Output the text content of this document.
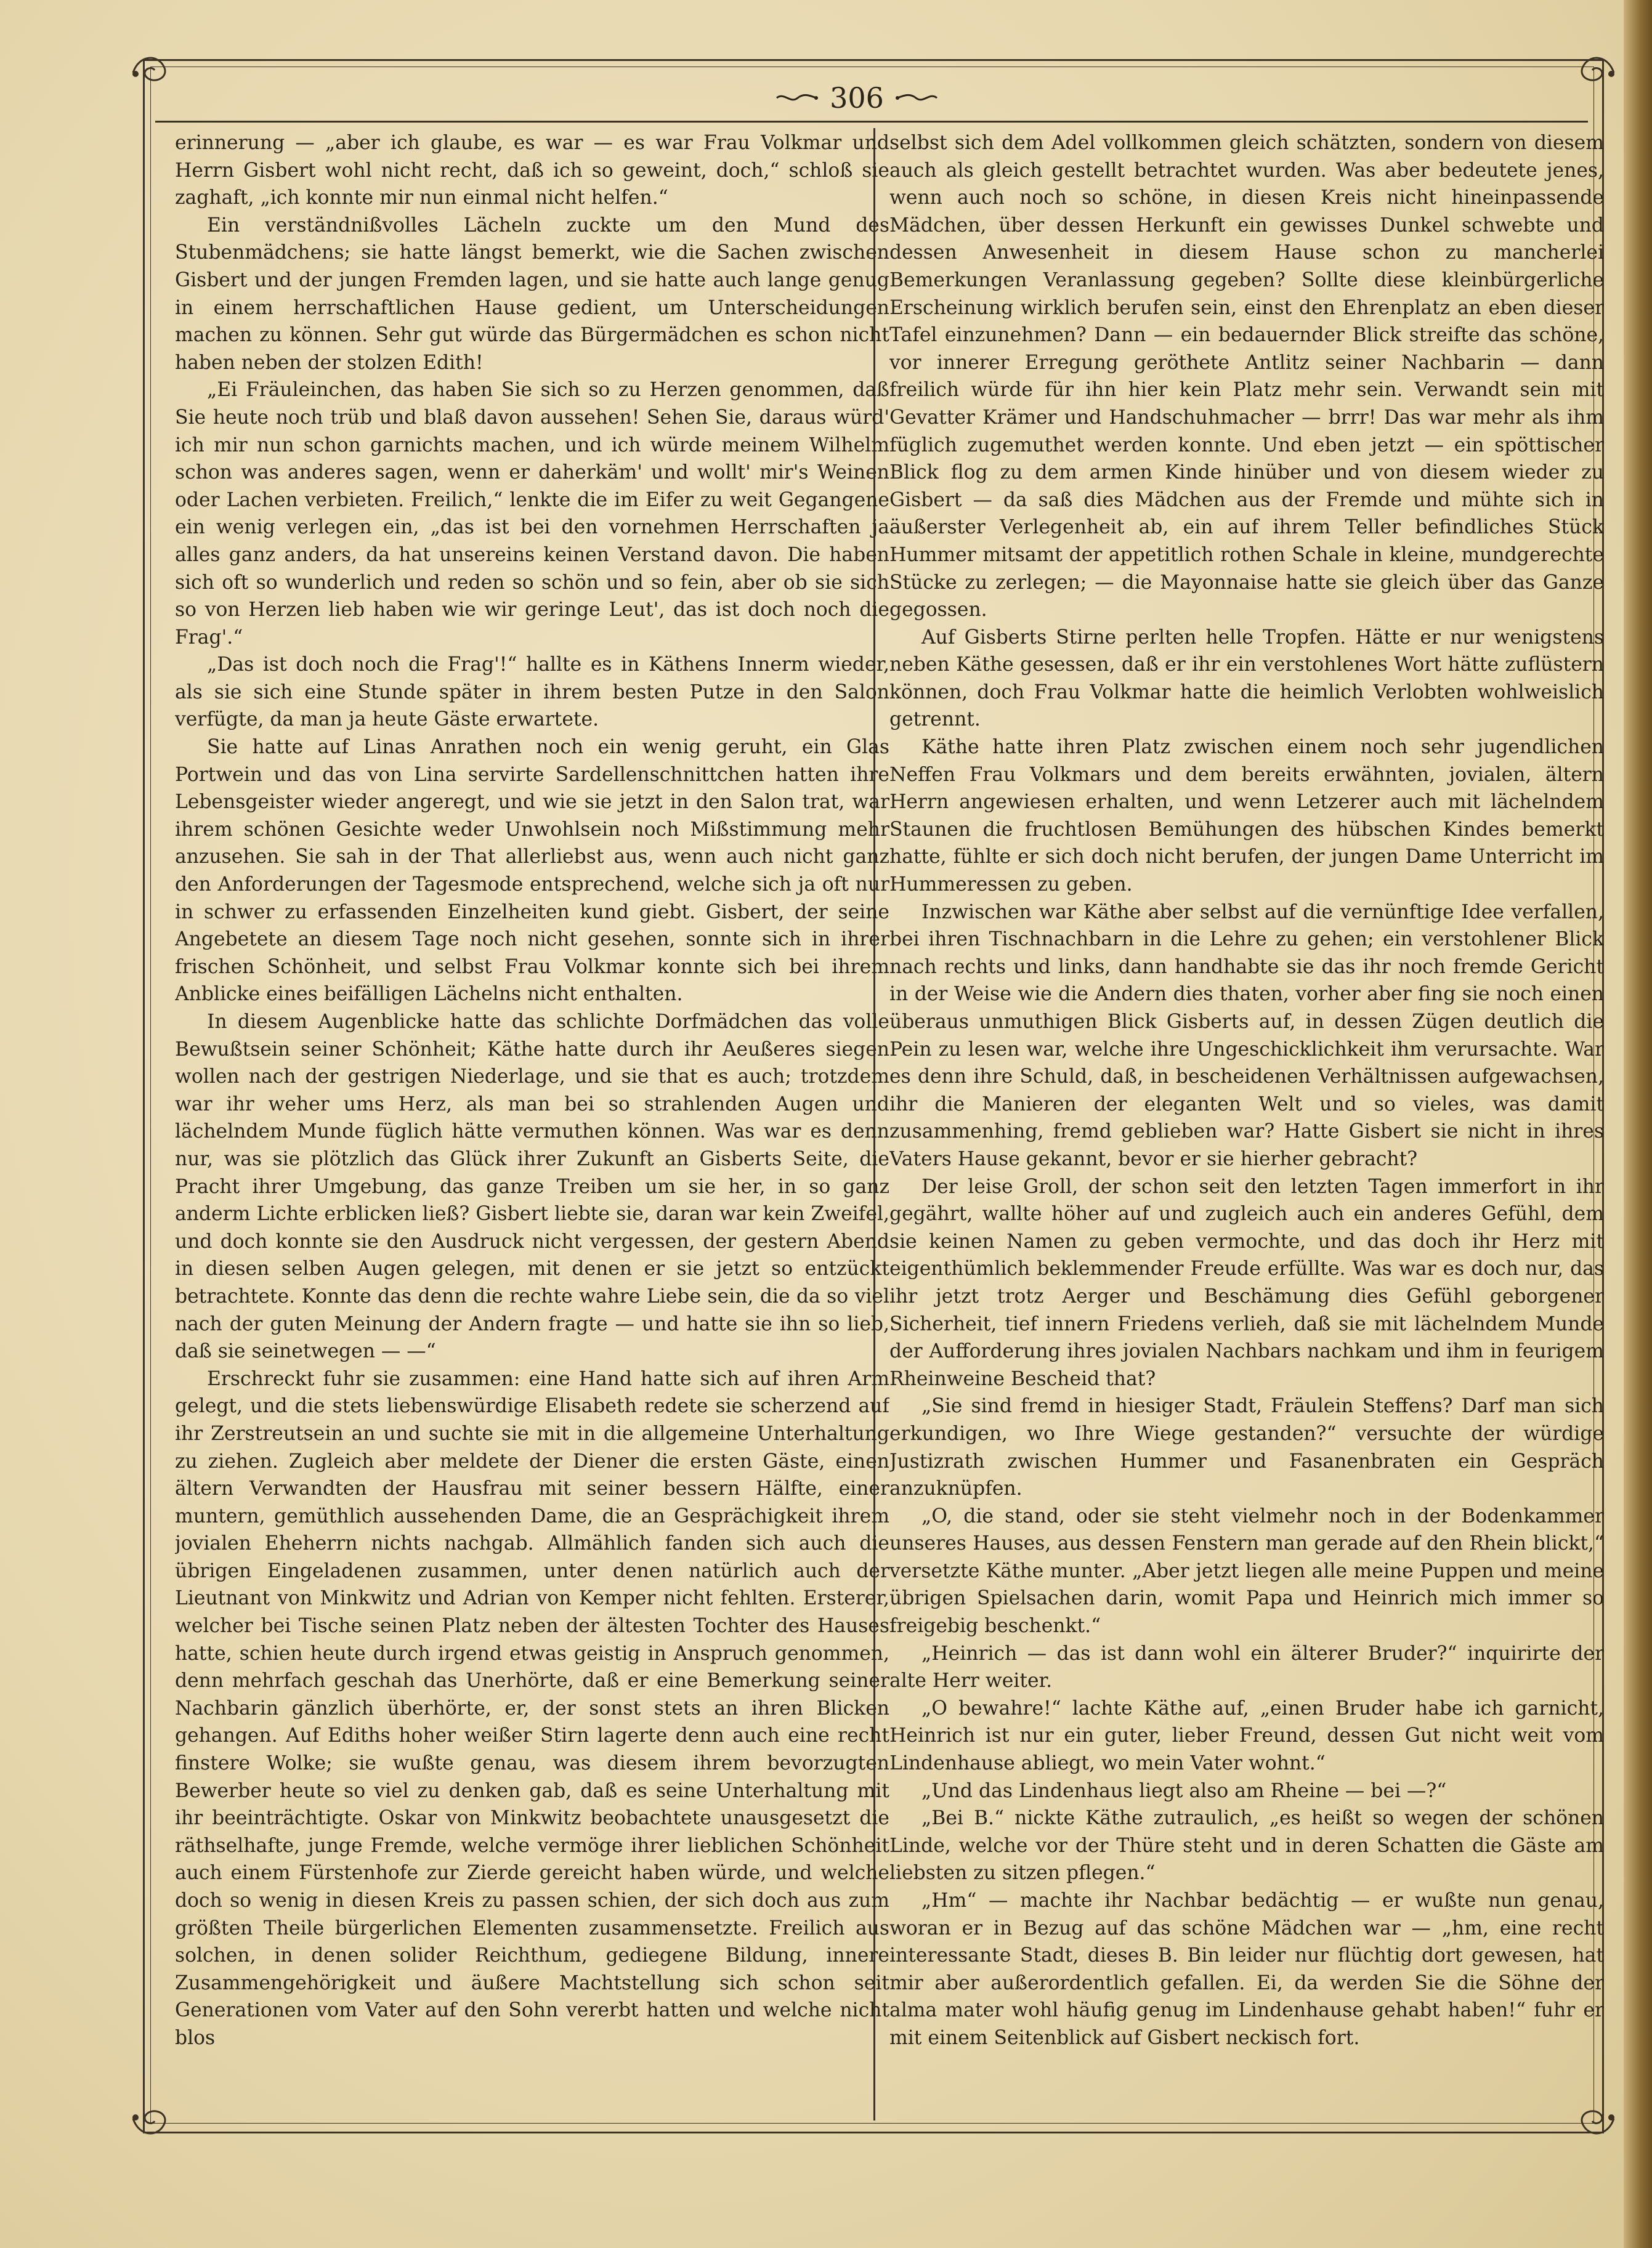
306

erinnerung — „aber ich glaube, es war — es war Frau Volkmar und Herrn Gisbert wohl nicht recht, daß ich so geweint, doch,“ schloß sie zaghaft, „ich konnte mir nun einmal nicht helfen.“

Ein verständnißvolles Lächeln zuckte um den Mund des Stubenmädchens; sie hatte längst bemerkt, wie die Sachen zwischen Gisbert und der jungen Fremden lagen, und sie hatte auch lange genug in einem herrschaftlichen Hause gedient, um Unterscheidungen machen zu können. Sehr gut würde das Bürgermädchen es schon nicht haben neben der stolzen Edith!

„Ei Fräuleinchen, das haben Sie sich so zu Herzen genommen, daß Sie heute noch trüb und blaß davon aussehen! Sehen Sie, daraus würd' ich mir nun schon garnichts machen, und ich würde meinem Wilhelm schon was anderes sagen, wenn er daherkäm' und wollt' mir's Weinen oder Lachen verbieten. Freilich,“ lenkte die im Eifer zu weit Gegangene ein wenig verlegen ein, „das ist bei den vornehmen Herrschaften ja alles ganz anders, da hat unsereins keinen Verstand davon. Die haben sich oft so wunderlich und reden so schön und so fein, aber ob sie sich so von Herzen lieb haben wie wir geringe Leut', das ist doch noch die Frag'.“

„Das ist doch noch die Frag'!“ hallte es in Käthens Innerm wieder, als sie sich eine Stunde später in ihrem besten Putze in den Salon verfügte, da man ja heute Gäste erwartete.

Sie hatte auf Linas Anrathen noch ein wenig geruht, ein Glas Portwein und das von Lina servirte Sardellenschnittchen hatten ihre Lebensgeister wieder angeregt, und wie sie jetzt in den Salon trat, war ihrem schönen Gesichte weder Unwohlsein noch Mißstimmung mehr anzusehen. Sie sah in der That allerliebst aus, wenn auch nicht ganz den Anforderungen der Tagesmode entsprechend, welche sich ja oft nur in schwer zu erfassenden Einzelheiten kund giebt. Gisbert, der seine Angebetete an diesem Tage noch nicht gesehen, sonnte sich in ihrer frischen Schönheit, und selbst Frau Volkmar konnte sich bei ihrem Anblicke eines beifälligen Lächelns nicht enthalten.

In diesem Augenblicke hatte das schlichte Dorfmädchen das volle Bewußtsein seiner Schönheit; Käthe hatte durch ihr Aeußeres siegen wollen nach der gestrigen Niederlage, und sie that es auch; trotzdem war ihr weher ums Herz, als man bei so strahlenden Augen und lächelndem Munde füglich hätte vermuthen können. Was war es denn nur, was sie plötzlich das Glück ihrer Zukunft an Gisberts Seite, die Pracht ihrer Umgebung, das ganze Treiben um sie her, in so ganz anderm Lichte erblicken ließ? Gisbert liebte sie, daran war kein Zweifel, und doch konnte sie den Ausdruck nicht vergessen, der gestern Abend in diesen selben Augen gelegen, mit denen er sie jetzt so entzückt betrachtete. Konnte das denn die rechte wahre Liebe sein, die da so viel nach der guten Meinung der Andern fragte — und hatte sie ihn so lieb, daß sie seinetwegen — —“

Erschreckt fuhr sie zusammen: eine Hand hatte sich auf ihren Arm gelegt, und die stets liebenswürdige Elisabeth redete sie scherzend auf ihr Zerstreutsein an und suchte sie mit in die allgemeine Unterhaltung zu ziehen. Zugleich aber meldete der Diener die ersten Gäste, einen ältern Verwandten der Hausfrau mit seiner bessern Hälfte, einer muntern, gemüthlich aussehenden Dame, die an Gesprächigkeit ihrem jovialen Eheherrn nichts nachgab. Allmählich fanden sich auch die übrigen Eingeladenen zusammen, unter denen natürlich auch der Lieutnant von Minkwitz und Adrian von Kemper nicht fehlten. Ersterer, welcher bei Tische seinen Platz neben der ältesten Tochter des Hauses hatte, schien heute durch irgend etwas geistig in Anspruch genommen, denn mehrfach geschah das Unerhörte, daß er eine Bemerkung seiner Nachbarin gänzlich überhörte, er, der sonst stets an ihren Blicken gehangen. Auf Ediths hoher weißer Stirn lagerte denn auch eine recht finstere Wolke; sie wußte genau, was diesem ihrem bevorzugten Bewerber heute so viel zu denken gab, daß es seine Unterhaltung mit ihr beeinträchtigte. Oskar von Minkwitz beobachtete unausgesetzt die räthselhafte, junge Fremde, welche vermöge ihrer lieblichen Schönheit auch einem Fürstenhofe zur Zierde gereicht haben würde, und welche doch so wenig in diesen Kreis zu passen schien, der sich doch aus zum größten Theile bürgerlichen Elementen zusammensetzte. Freilich aus solchen, in denen solider Reichthum, gediegene Bildung, innere Zusammengehörigkeit und äußere Machtstellung sich schon seit Generationen vom Vater auf den Sohn vererbt hatten und welche nicht blos

selbst sich dem Adel vollkommen gleich schätzten, sondern von diesem auch als gleich gestellt betrachtet wurden. Was aber bedeutete jenes, wenn auch noch so schöne, in diesen Kreis nicht hineinpassende Mädchen, über dessen Herkunft ein gewisses Dunkel schwebte und dessen Anwesenheit in diesem Hause schon zu mancherlei Bemerkungen Veranlassung gegeben? Sollte diese kleinbürgerliche Erscheinung wirklich berufen sein, einst den Ehrenplatz an eben dieser Tafel einzunehmen? Dann — ein bedauernder Blick streifte das schöne, vor innerer Erregung geröthete Antlitz seiner Nachbarin — dann freilich würde für ihn hier kein Platz mehr sein. Verwandt sein mit Gevatter Krämer und Handschuhmacher — brrr! Das war mehr als ihm füglich zugemuthet werden konnte. Und eben jetzt — ein spöttischer Blick flog zu dem armen Kinde hinüber und von diesem wieder zu Gisbert — da saß dies Mädchen aus der Fremde und mühte sich in äußerster Verlegenheit ab, ein auf ihrem Teller befindliches Stück Hummer mitsamt der appetitlich rothen Schale in kleine, mundgerechte Stücke zu zerlegen; — die Mayonnaise hatte sie gleich über das Ganze gegossen.

Auf Gisberts Stirne perlten helle Tropfen. Hätte er nur wenigstens neben Käthe gesessen, daß er ihr ein verstohlenes Wort hätte zuflüstern können, doch Frau Volkmar hatte die heimlich Verlobten wohlweislich getrennt.

Käthe hatte ihren Platz zwischen einem noch sehr jugendlichen Neffen Frau Volkmars und dem bereits erwähnten, jovialen, ältern Herrn angewiesen erhalten, und wenn Letzerer auch mit lächelndem Staunen die fruchtlosen Bemühungen des hübschen Kindes bemerkt hatte, fühlte er sich doch nicht berufen, der jungen Dame Unterricht im Hummeressen zu geben.

Inzwischen war Käthe aber selbst auf die vernünftige Idee verfallen, bei ihren Tischnachbarn in die Lehre zu gehen; ein verstohlener Blick nach rechts und links, dann handhabte sie das ihr noch fremde Gericht in der Weise wie die Andern dies thaten, vorher aber fing sie noch einen überaus unmuthigen Blick Gisberts auf, in dessen Zügen deutlich die Pein zu lesen war, welche ihre Ungeschicklichkeit ihm verursachte. War es denn ihre Schuld, daß, in bescheidenen Verhältnissen aufgewachsen, ihr die Manieren der eleganten Welt und so vieles, was damit zusammenhing, fremd geblieben war? Hatte Gisbert sie nicht in ihres Vaters Hause gekannt, bevor er sie hierher gebracht?

Der leise Groll, der schon seit den letzten Tagen immerfort in ihr gegährt, wallte höher auf und zugleich auch ein anderes Gefühl, dem sie keinen Namen zu geben vermochte, und das doch ihr Herz mit eigenthümlich beklemmender Freude erfüllte. Was war es doch nur, das ihr jetzt trotz Aerger und Beschämung dies Gefühl geborgener Sicherheit, tief innern Friedens verlieh, daß sie mit lächelndem Munde der Aufforderung ihres jovialen Nachbars nachkam und ihm in feurigem Rheinweine Bescheid that?

„Sie sind fremd in hiesiger Stadt, Fräulein Steffens? Darf man sich erkundigen, wo Ihre Wiege gestanden?“ versuchte der würdige Justizrath zwischen Hummer und Fasanenbraten ein Gespräch anzuknüpfen.

„O, die stand, oder sie steht vielmehr noch in der Bodenkammer unseres Hauses, aus dessen Fenstern man gerade auf den Rhein blickt,“ versetzte Käthe munter. „Aber jetzt liegen alle meine Puppen und meine übrigen Spielsachen darin, womit Papa und Heinrich mich immer so freigebig beschenkt.“

„Heinrich — das ist dann wohl ein älterer Bruder?“ inquirirte der alte Herr weiter.

„O bewahre!“ lachte Käthe auf, „einen Bruder habe ich garnicht, Heinrich ist nur ein guter, lieber Freund, dessen Gut nicht weit vom Lindenhause abliegt, wo mein Vater wohnt.“

„Und das Lindenhaus liegt also am Rheine — bei —?“

„Bei B.“ nickte Käthe zutraulich, „es heißt so wegen der schönen Linde, welche vor der Thüre steht und in deren Schatten die Gäste am liebsten zu sitzen pflegen.“

„Hm“ — machte ihr Nachbar bedächtig — er wußte nun genau, woran er in Bezug auf das schöne Mädchen war — „hm, eine recht interessante Stadt, dieses B. Bin leider nur flüchtig dort gewesen, hat mir aber außerordentlich gefallen. Ei, da werden Sie die Söhne der alma mater wohl häufig genug im Lindenhause gehabt haben!“ fuhr er mit einem Seitenblick auf Gisbert neckisch fort.
